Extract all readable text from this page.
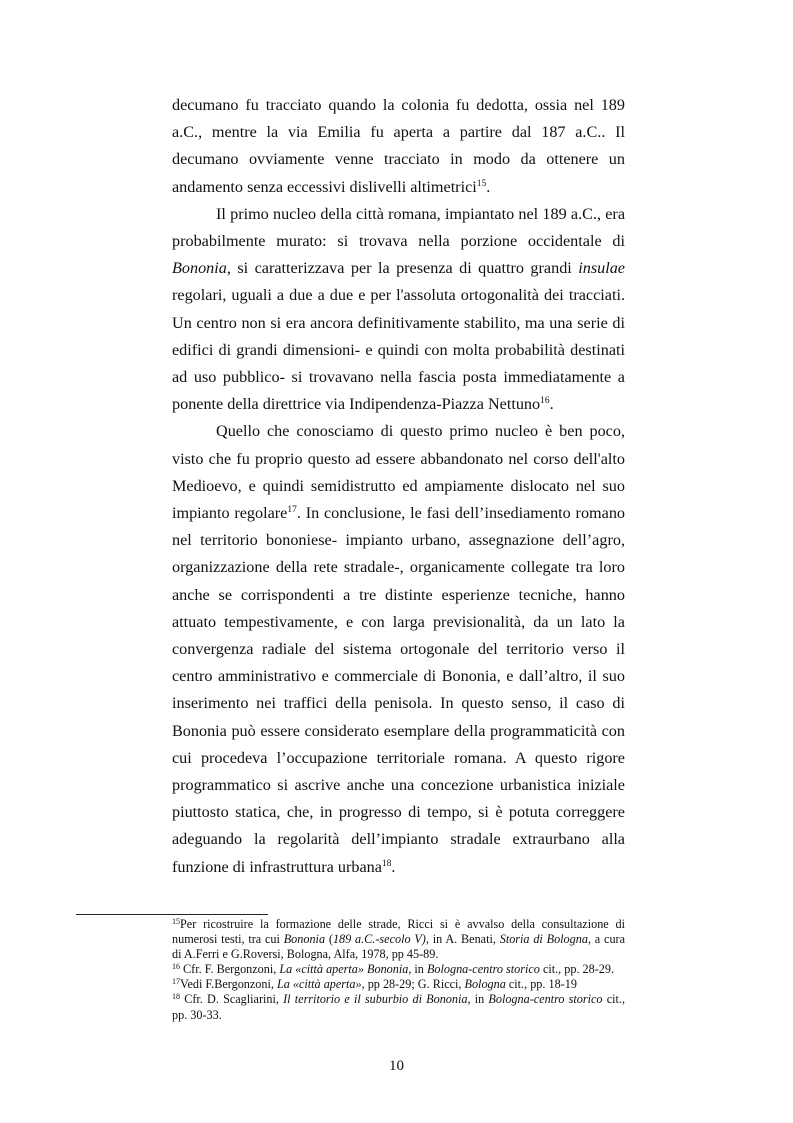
decumano fu tracciato quando la colonia fu dedotta, ossia nel 189 a.C., mentre la via Emilia fu aperta a partire dal 187 a.C.. Il decumano ovviamente venne tracciato in modo da ottenere un andamento senza eccessivi dislivelli altimetrici$^{15}$.

Il primo nucleo della città romana, impiantato nel 189 a.C., era probabilmente murato: si trovava nella porzione occidentale di Bononia, si caratterizzava per la presenza di quattro grandi insulae regolari, uguali a due a due e per l'assoluta ortogonalità dei tracciati. Un centro non si era ancora definitivamente stabilito, ma una serie di edifici di grandi dimensioni- e quindi con molta probabilità destinati ad uso pubblico- si trovavano nella fascia posta immediatamente a ponente della direttrice via Indipendenza-Piazza Nettuno$^{16}$.

Quello che conosciamo di questo primo nucleo è ben poco, visto che fu proprio questo ad essere abbandonato nel corso dell'alto Medioevo, e quindi semidistrutto ed ampiamente dislocato nel suo impianto regolare$^{17}$. In conclusione, le fasi dell’insediamento romano nel territorio bononiese- impianto urbano, assegnazione dell’agro, organizzazione della rete stradale-, organicamente collegate tra loro anche se corrispondenti a tre distinte esperienze tecniche, hanno attuato tempestivamente, e con larga previsionalità, da un lato la convergenza radiale del sistema ortogonale del territorio verso il centro amministrativo e commerciale di Bononia, e dall’altro, il suo inserimento nei traffici della penisola. In questo senso, il caso di Bononia può essere considerato esemplare della programmaticità con cui procedeva l’occupazione territoriale romana. A questo rigore programmatico si ascrive anche una concezione urbanistica iniziale piuttosto statica, che, in progresso di tempo, si è potuta correggere adeguando la regolarità dell’impianto stradale extraurbano alla funzione di infrastruttura urbana$^{18}$.

$^{15}$Per ricostruire la formazione delle strade, Ricci si è avvalso della consultazione di numerosi testi, tra cui Bononia (189 a.C.-secolo V), in A. Benati, Storia di Bologna, a cura di A.Ferri e G.Roversi, Bologna, Alfa, 1978, pp 45-89.

$^{16}$ Cfr. F. Bergonzoni, La «città aperta» Bononia, in Bologna-centro storico cit., pp. 28-29.

$^{17}$Vedi F.Bergonzoni, La «città aperta», pp 28-29; G. Ricci, Bologna cit., pp. 18-19

$^{18}$ Cfr. D. Scagliarini, Il territorio e il suburbio di Bononia, in Bologna-centro storico cit., pp. 30-33.

10
